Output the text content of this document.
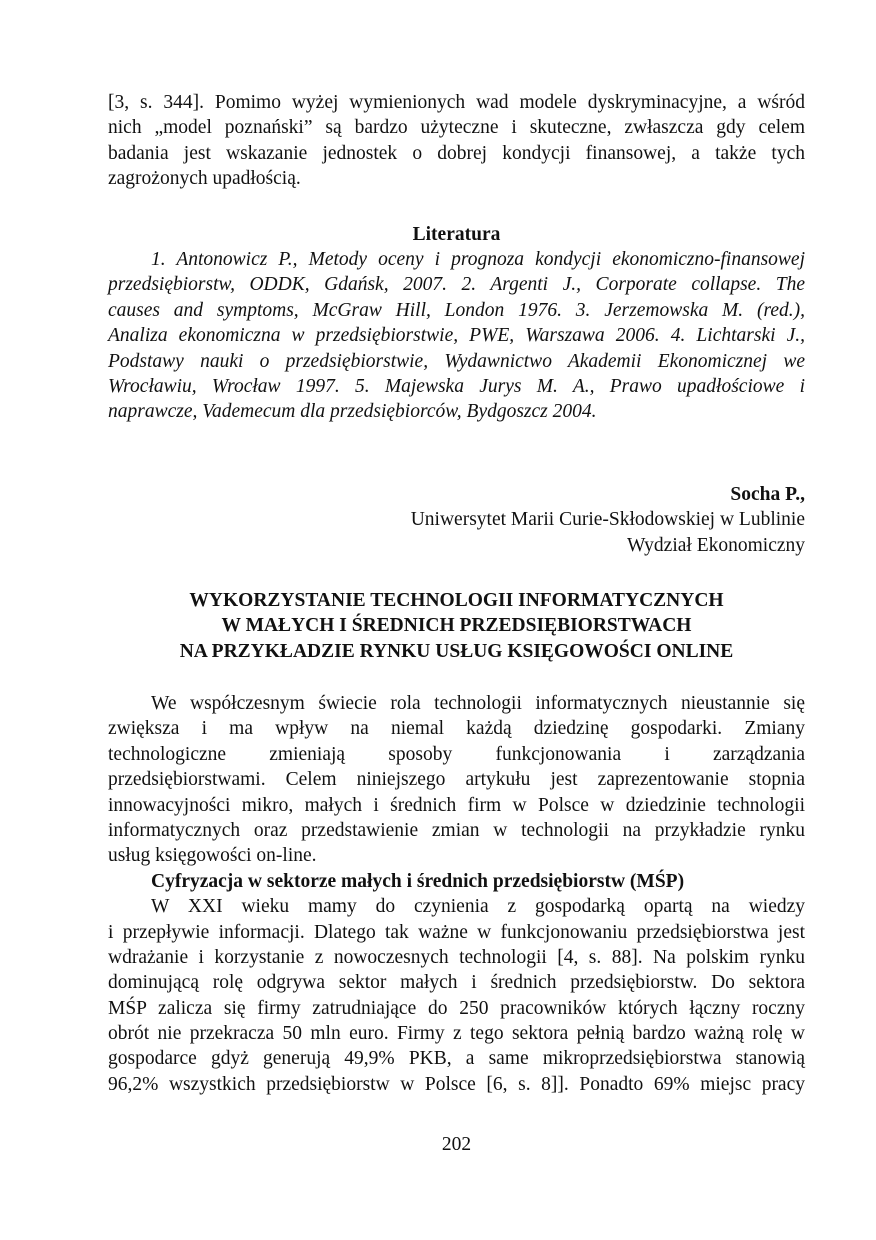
[3, s. 344]. Pomimo wyżej wymienionych wad modele dyskryminacyjne, a wśród
nich „model poznański” są bardzo użyteczne i skuteczne, zwłaszcza gdy celem
badania jest wskazanie jednostek o dobrej kondycji finansowej, a także tych
zagrożonych upadłością.
Literatura
1. Antonowicz P., Metody oceny i prognoza kondycji ekonomiczno-finansowej
przedsiębiorstw, ODDK, Gdańsk, 2007. 2. Argenti J., Corporate collapse. The
causes and symptoms, McGraw Hill, London 1976. 3. Jerzemowska M. (red.),
Analiza ekonomiczna w przedsiębiorstwie, PWE, Warszawa 2006. 4. Lichtarski J.,
Podstawy nauki o przedsiębiorstwie, Wydawnictwo Akademii Ekonomicznej we
Wrocławiu, Wrocław 1997. 5. Majewska Jurys M. A., Prawo upadłościowe i
naprawcze, Vademecum dla przedsiębiorców, Bydgoszcz 2004.
Socha P.,
Uniwersytet Marii Curie-Skłodowskiej w Lublinie
Wydział Ekonomiczny
WYKORZYSTANIE TECHNOLOGII INFORMATYCZNYCH
W MAŁYCH I ŚREDNICH PRZEDSIĘBIORSTWACH
NA PRZYKŁADZIE RYNKU USŁUG KSIĘGOWOŚCI ONLINE
We współczesnym świecie rola technologii informatycznych nieustannie się
zwiększa i ma wpływ na niemal każdą dziedzinę gospodarki. Zmiany
technologiczne zmieniają sposoby funkcjonowania i zarządzania
przedsiębiorstwami. Celem niniejszego artykułu jest zaprezentowanie stopnia
innowacyjności mikro, małych i średnich firm w Polsce w dziedzinie technologii
informatycznych oraz przedstawienie zmian w technologii na przykładzie rynku
usług księgowości on-line.
Cyfryzacja w sektorze małych i średnich przedsiębiorstw (MŚP)
W XXI wieku mamy do czynienia z gospodarką opartą na wiedzy
i przepływie informacji. Dlatego tak ważne w funkcjonowaniu przedsiębiorstwa jest
wdrażanie i korzystanie z nowoczesnych technologii [4, s. 88]. Na polskim rynku
dominującą rolę odgrywa sektor małych i średnich przedsiębiorstw. Do sektora
MŚP zalicza się firmy zatrudniające do 250 pracowników których łączny roczny
obrót nie przekracza 50 mln euro. Firmy z tego sektora pełnią bardzo ważną rolę w
gospodarce gdyż generują 49,9% PKB, a same mikroprzedsiębiorstwa stanowią
96,2% wszystkich przedsiębiorstw w Polsce [6, s. 8]]. Ponadto 69% miejsc pracy
202
